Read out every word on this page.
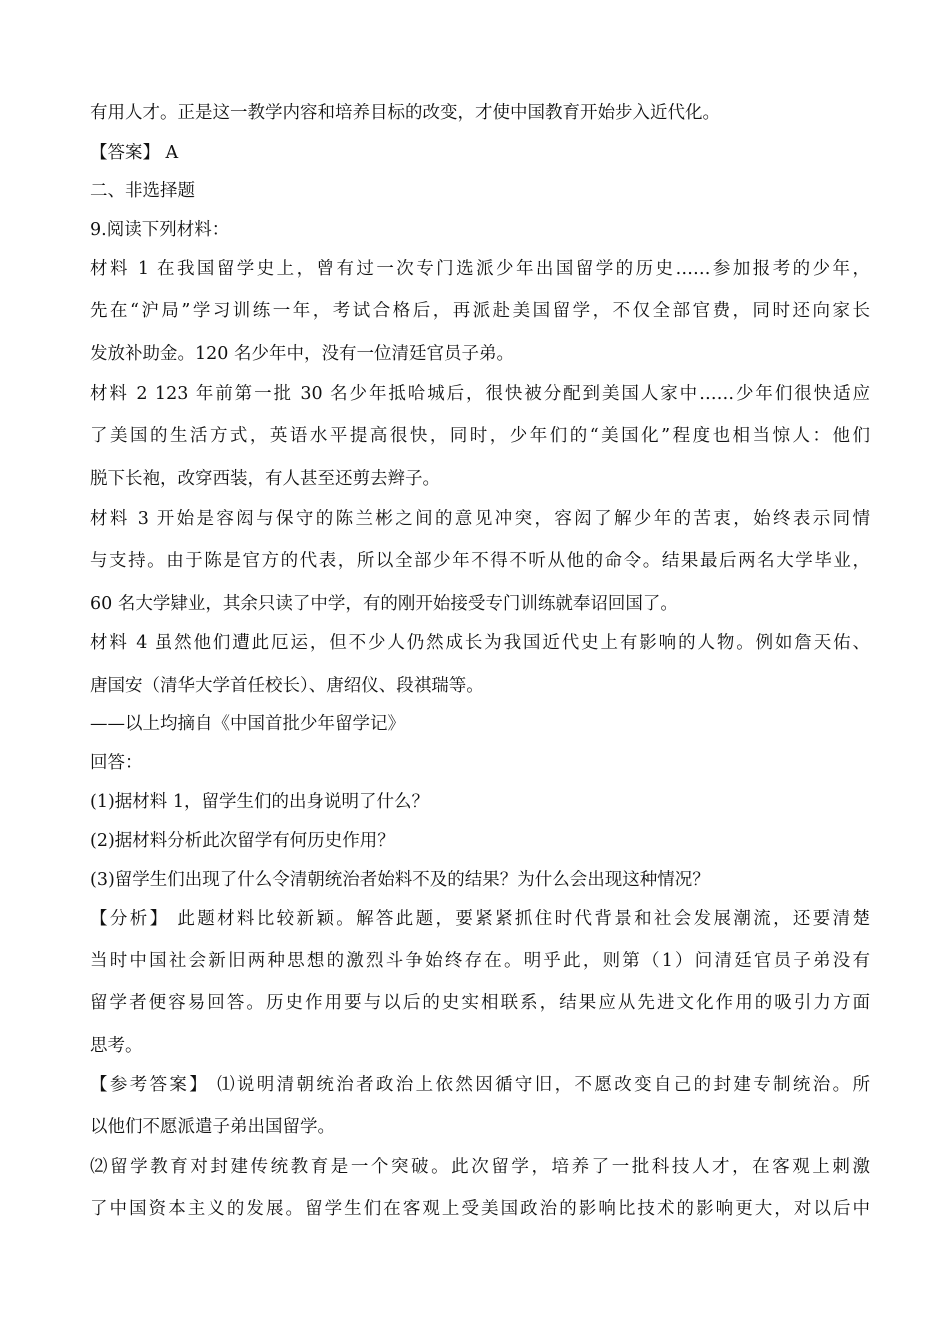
有用人才。正是这一教学内容和培养目标的改变，才使中国教育开始步入近代化。
【答案】 A
二、非选择题
9.阅读下列材料：
材料 1 在我国留学史上，曾有过一次专门选派少年出国留学的历史……参加报考的少年，
先在“沪局”学习训练一年，考试合格后，再派赴美国留学，不仅全部官费，同时还向家长
发放补助金。120 名少年中，没有一位清廷官员子弟。
材料 2 123 年前第一批 30 名少年抵哈城后，很快被分配到美国人家中……少年们很快适应
了美国的生活方式，英语水平提高很快，同时，少年们的“美国化”程度也相当惊人：他们
脱下长袍，改穿西装，有人甚至还剪去辫子。
材料 3 开始是容闳与保守的陈兰彬之间的意见冲突，容闳了解少年的苦衷，始终表示同情
与支持。由于陈是官方的代表，所以全部少年不得不听从他的命令。结果最后两名大学毕业，
60 名大学肄业，其余只读了中学，有的刚开始接受专门训练就奉诏回国了。
材料 4 虽然他们遭此厄运，但不少人仍然成长为我国近代史上有影响的人物。例如詹天佑、
唐国安（清华大学首任校长）、唐绍仪、段祺瑞等。
——以上均摘自《中国首批少年留学记》
回答：
(1)据材料 1，留学生们的出身说明了什么？
(2)据材料分析此次留学有何历史作用？
(3)留学生们出现了什么令清朝统治者始料不及的结果？为什么会出现这种情况？
【分析】 此题材料比较新颖。解答此题，要紧紧抓住时代背景和社会发展潮流，还要清楚
当时中国社会新旧两种思想的激烈斗争始终存在。明乎此，则第（1）问清廷官员子弟没有
留学者便容易回答。历史作用要与以后的史实相联系，结果应从先进文化作用的吸引力方面
思考。
【参考答案】 ⑴说明清朝统治者政治上依然因循守旧，不愿改变自己的封建专制统治。所
以他们不愿派遣子弟出国留学。
⑵留学教育对封建传统教育是一个突破。此次留学，培养了一批科技人才，在客观上刺激
了中国资本主义的发展。留学生们在客观上受美国政治的影响比技术的影响更大，对以后中
